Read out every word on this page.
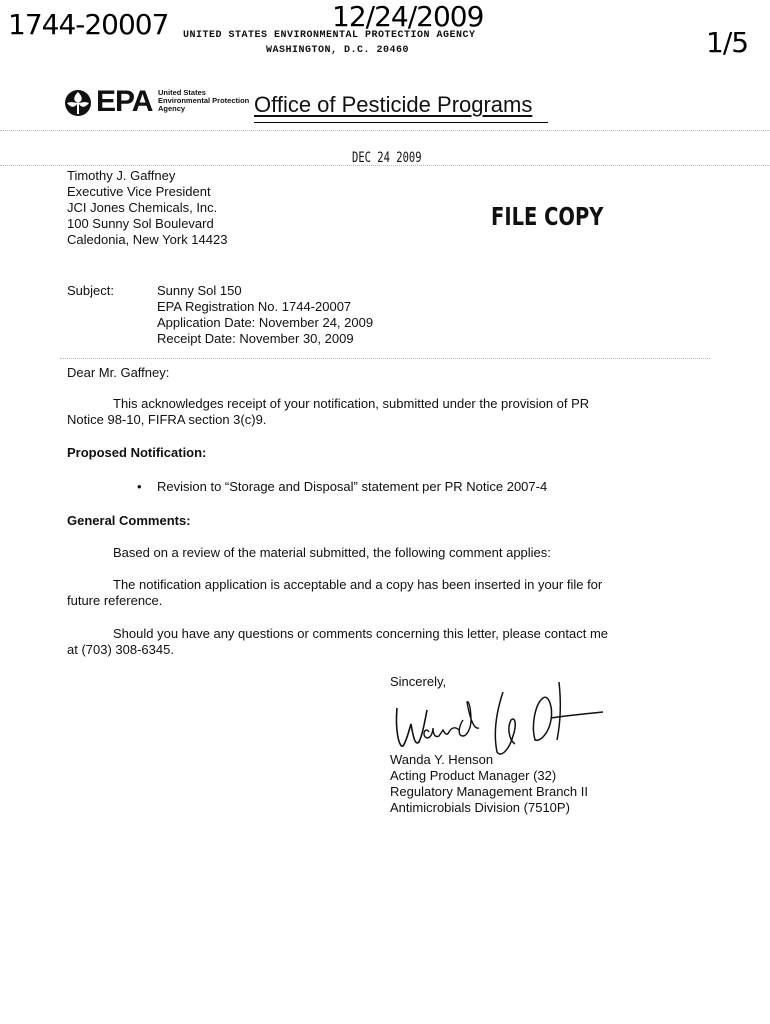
1744-20007	12/24/2009
1/5
UNITED STATES ENVIRONMENTAL PROTECTION AGENCY
WASHINGTON, D.C. 20460
EPA United States
Environmental Protection
Agency	Office of Pesticide Programs
DEC 24 2009
Timothy J. Gaffney
Executive Vice President
JCI Jones Chemicals, Inc.
100 Sunny Sol Boulevard
Caledonia, New York 14423
FILE COPY
Subject:	Sunny Sol 150
EPA Registration No. 1744-20007
Application Date: November 24, 2009
Receipt Date: November 30, 2009
Dear Mr. Gaffney:
This acknowledges receipt of your notification, submitted under the provision of PR
Notice 98-10, FIFRA section 3(c)9.
Proposed Notification:
• Revision to “Storage and Disposal” statement per PR Notice 2007-4
General Comments:
Based on a review of the material submitted, the following comment applies:
The notification application is acceptable and a copy has been inserted in your file for
future reference.
Should you have any questions or comments concerning this letter, please contact me
at (703) 308-6345.
Sincerely,
Wanda Y. Henson
Acting Product Manager (32)
Regulatory Management Branch II
Antimicrobials Division (7510P)
